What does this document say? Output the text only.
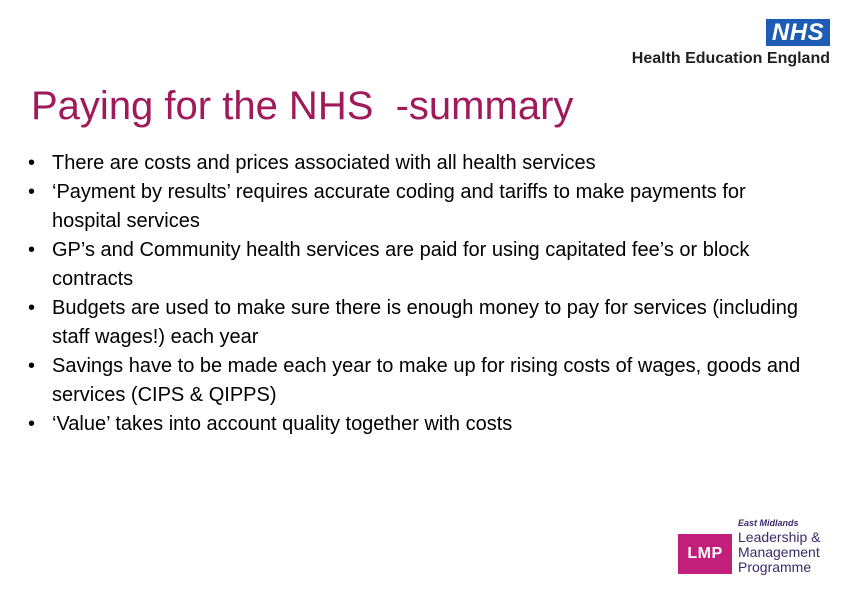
NHS
Health Education England
Paying for the NHS  -summary
• There are costs and prices associated with all health services
• ‘Payment by results’ requires accurate coding and tariffs to make payments for hospital services
• GP’s and Community health services are paid for using capitated fee’s or block contracts
• Budgets are used to make sure there is enough money to pay for services (including staff wages!) each year
• Savings have to be made each year to make up for rising costs of wages, goods and services (CIPS & QIPPS)
• ‘Value’ takes into account quality together with costs
LMP
East Midlands
Leadership &
Management
Programme
